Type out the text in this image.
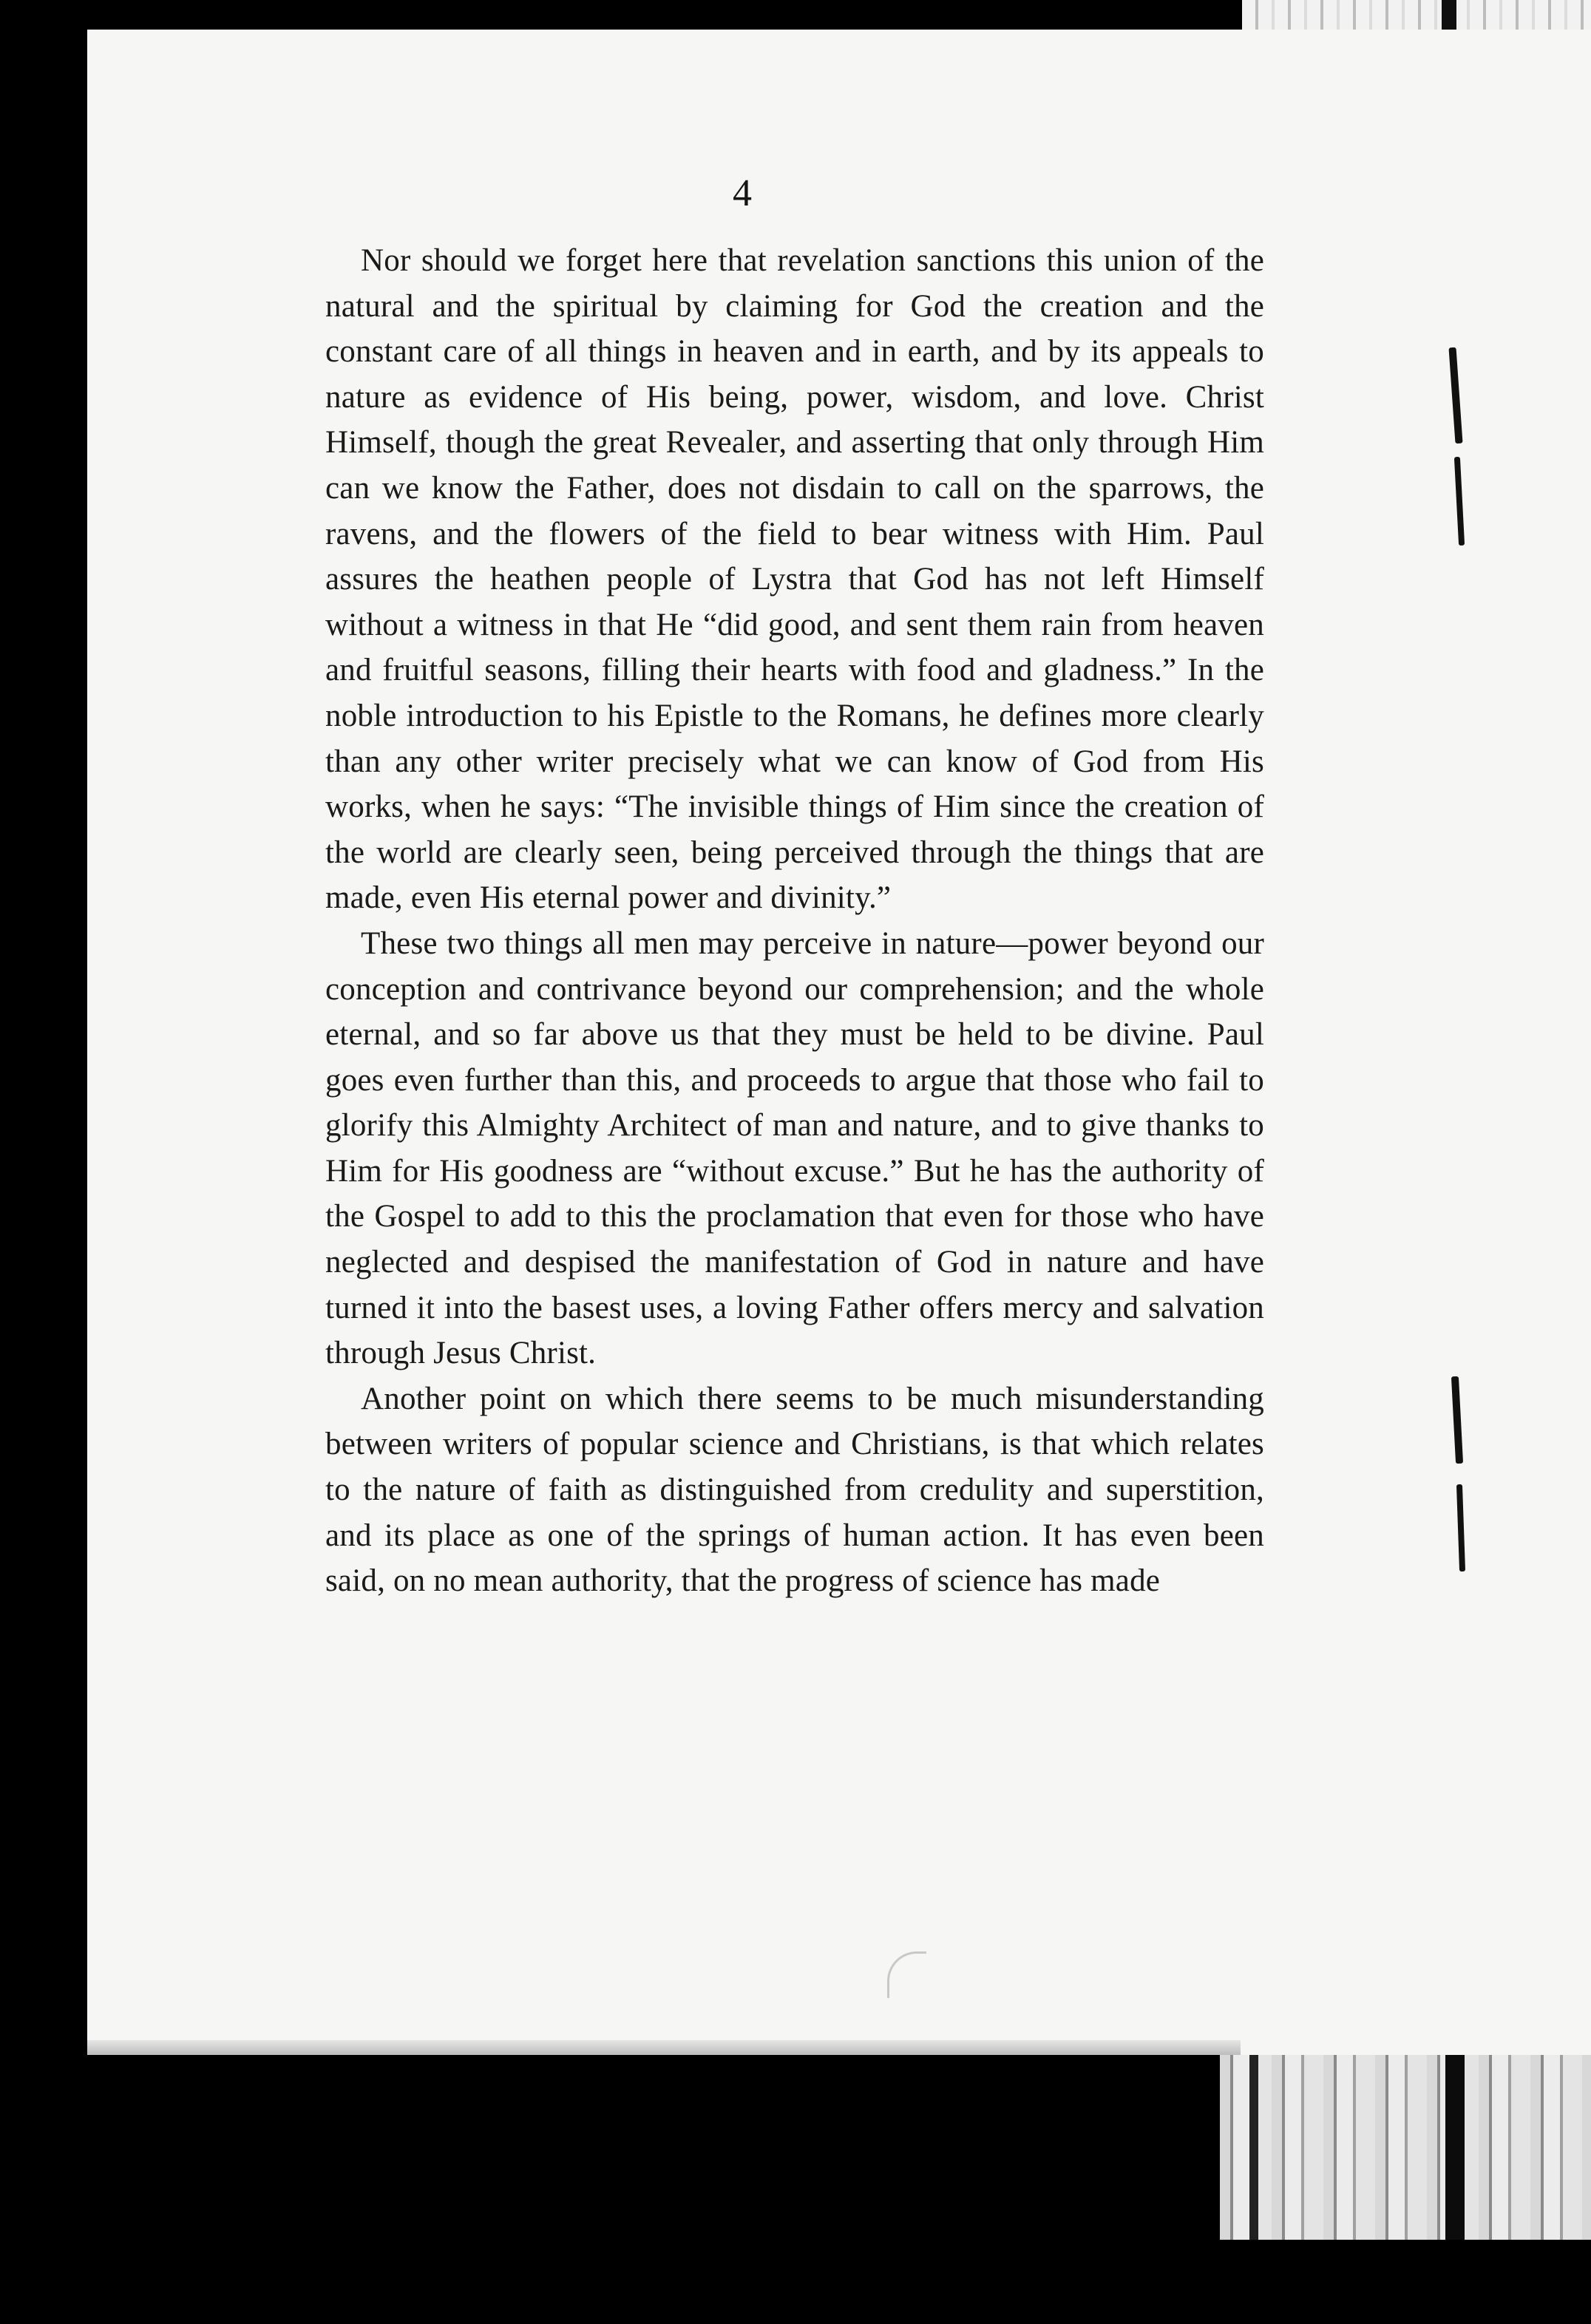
4

Nor should we forget here that revelation sanctions this union of the natural and the spiritual by claiming for God the creation and the constant care of all things in heaven and in earth, and by its appeals to nature as evidence of His being, power, wisdom, and love. Christ Himself, though the great Revealer, and asserting that only through Him can we know the Father, does not disdain to call on the sparrows, the ravens, and the flowers of the field to bear witness with Him. Paul assures the heathen people of Lystra that God has not left Himself without a witness in that He “did good, and sent them rain from heaven and fruitful seasons, filling their hearts with food and gladness.” In the noble introduction to his Epistle to the Romans, he defines more clearly than any other writer precisely what we can know of God from His works, when he says: “The invisible things of Him since the creation of the world are clearly seen, being perceived through the things that are made, even His eternal power and divinity.”

These two things all men may perceive in nature—power beyond our conception and contrivance beyond our comprehension; and the whole eternal, and so far above us that they must be held to be divine. Paul goes even further than this, and proceeds to argue that those who fail to glorify this Almighty Architect of man and nature, and to give thanks to Him for His goodness are “without excuse.” But he has the authority of the Gospel to add to this the proclamation that even for those who have neglected and despised the manifestation of God in nature and have turned it into the basest uses, a loving Father offers mercy and salvation through Jesus Christ.

Another point on which there seems to be much misunderstanding between writers of popular science and Christians, is that which relates to the nature of faith as distinguished from credulity and superstition, and its place as one of the springs of human action. It has even been said, on no mean authority, that the progress of science has made
